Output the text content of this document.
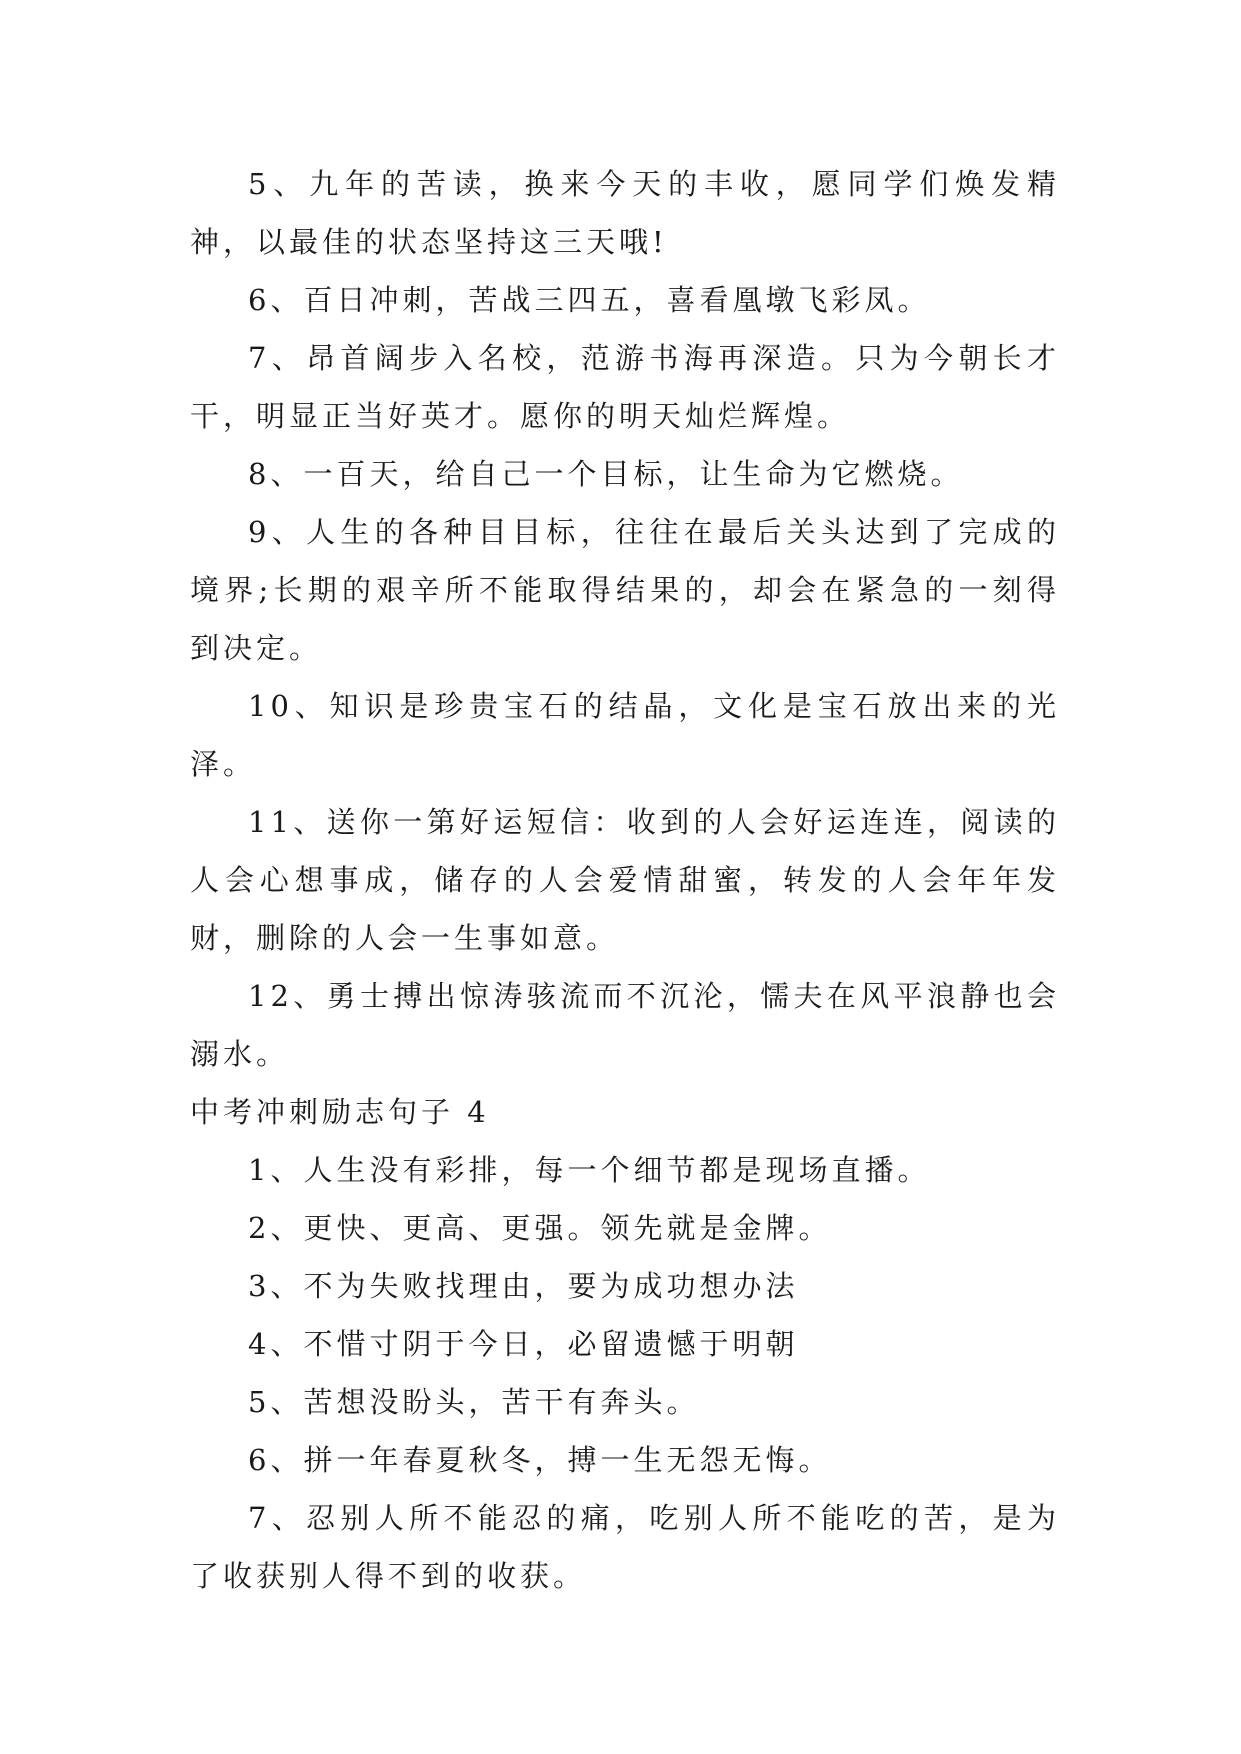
5、九年的苦读，换来今天的丰收，愿同学们焕发精神，以最佳的状态坚持这三天哦!

6、百日冲刺，苦战三四五，喜看凰墩飞彩凤。

7、昂首阔步入名校，范游书海再深造。只为今朝长才干，明显正当好英才。愿你的明天灿烂辉煌。

8、一百天，给自己一个目标，让生命为它燃烧。

9、人生的各种目目标，往往在最后关头达到了完成的境界;长期的艰辛所不能取得结果的，却会在紧急的一刻得到决定。

10、知识是珍贵宝石的结晶，文化是宝石放出来的光泽。

11、送你一第好运短信：收到的人会好运连连，阅读的人会心想事成，储存的人会爱情甜蜜，转发的人会年年发财，删除的人会一生事如意。

12、勇士搏出惊涛骇流而不沉沦，懦夫在风平浪静也会溺水。

中考冲刺励志句子 4

1、人生没有彩排，每一个细节都是现场直播。

2、更快、更高、更强。领先就是金牌。

3、不为失败找理由，要为成功想办法

4、不惜寸阴于今日，必留遗憾于明朝

5、苦想没盼头，苦干有奔头。

6、拼一年春夏秋冬，搏一生无怨无悔。

7、忍别人所不能忍的痛，吃别人所不能吃的苦，是为了收获别人得不到的收获。
